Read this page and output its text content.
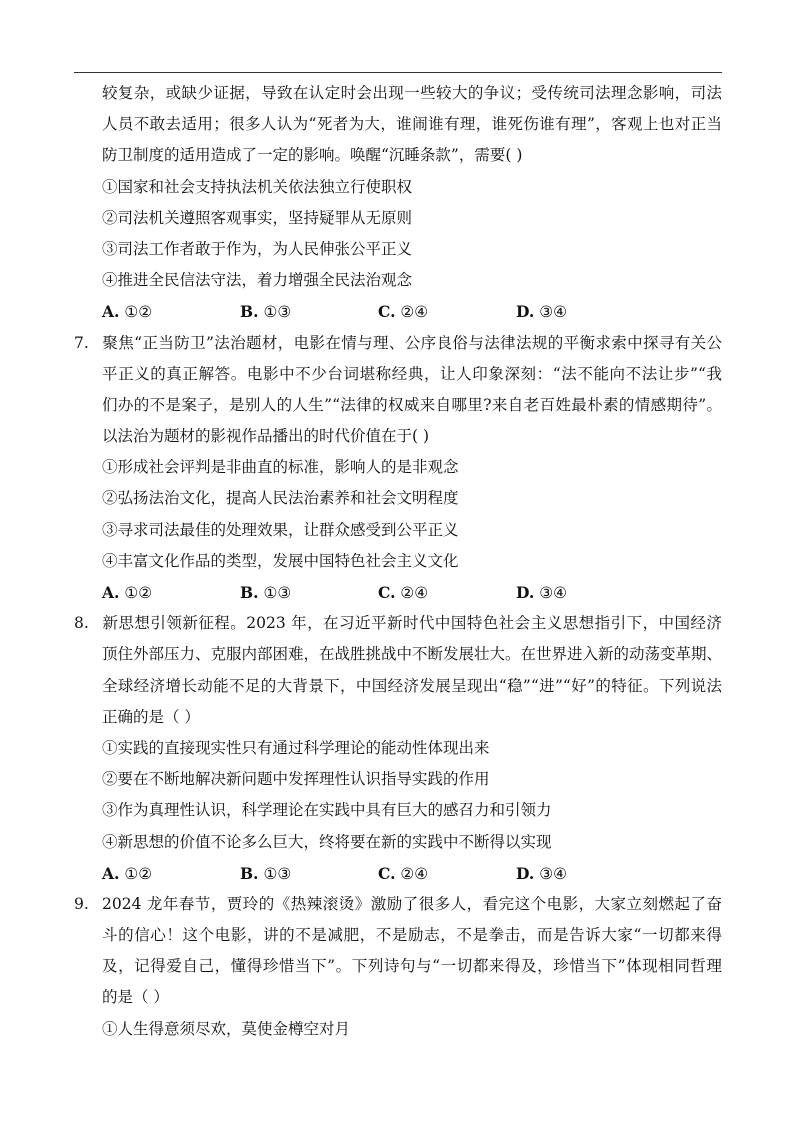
较复杂，或缺少证据，导致在认定时会出现一些较大的争议；受传统司法理念影响，司法
人员不敢去适用；很多人认为“死者为大，谁闹谁有理，谁死伤谁有理”，客观上也对正当
防卫制度的适用造成了一定的影响。唤醒“沉睡条款”，需要( )
①国家和社会支持执法机关依法独立行使职权
②司法机关遵照客观事实，坚持疑罪从无原则
③司法工作者敢于作为，为人民伸张公平正义
④推进全民信法守法，着力增强全民法治观念
A. ①②	B. ①③	C. ②④	D. ③④
7. 聚焦“正当防卫”法治题材，电影在情与理、公序良俗与法律法规的平衡求索中探寻有关公
平正义的真正解答。电影中不少台词堪称经典，让人印象深刻：“法不能向不法让步”“我
们办的不是案子，是别人的人生”“法律的权威来自哪里?来自老百姓最朴素的情感期待”。
以法治为题材的影视作品播出的时代价值在于( )
①形成社会评判是非曲直的标准，影响人的是非观念
②弘扬法治文化，提高人民法治素养和社会文明程度
③寻求司法最佳的处理效果，让群众感受到公平正义
④丰富文化作品的类型，发展中国特色社会主义文化
A. ①②	B. ①③	C. ②④	D. ③④
8. 新思想引领新征程。2023 年，在习近平新时代中国特色社会主义思想指引下，中国经济
顶住外部压力、克服内部困难，在战胜挑战中不断发展壮大。在世界进入新的动荡变革期、
全球经济增长动能不足的大背景下，中国经济发展呈现出“稳”“进”“好”的特征。下列说法
正确的是（ ）
①实践的直接现实性只有通过科学理论的能动性体现出来
②要在不断地解决新问题中发挥理性认识指导实践的作用
③作为真理性认识，科学理论在实践中具有巨大的感召力和引领力
④新思想的价值不论多么巨大，终将要在新的实践中不断得以实现
A. ①②	B. ①③	C. ②④	D. ③④
9. 2024 龙年春节，贾玲的《热辣滚烫》激励了很多人，看完这个电影，大家立刻燃起了奋
斗的信心！这个电影，讲的不是减肥，不是励志，不是拳击，而是告诉大家“一切都来得
及，记得爱自己，懂得珍惜当下”。下列诗句与“一切都来得及，珍惜当下”体现相同哲理
的是（ ）
①人生得意须尽欢，莫使金樽空对月
